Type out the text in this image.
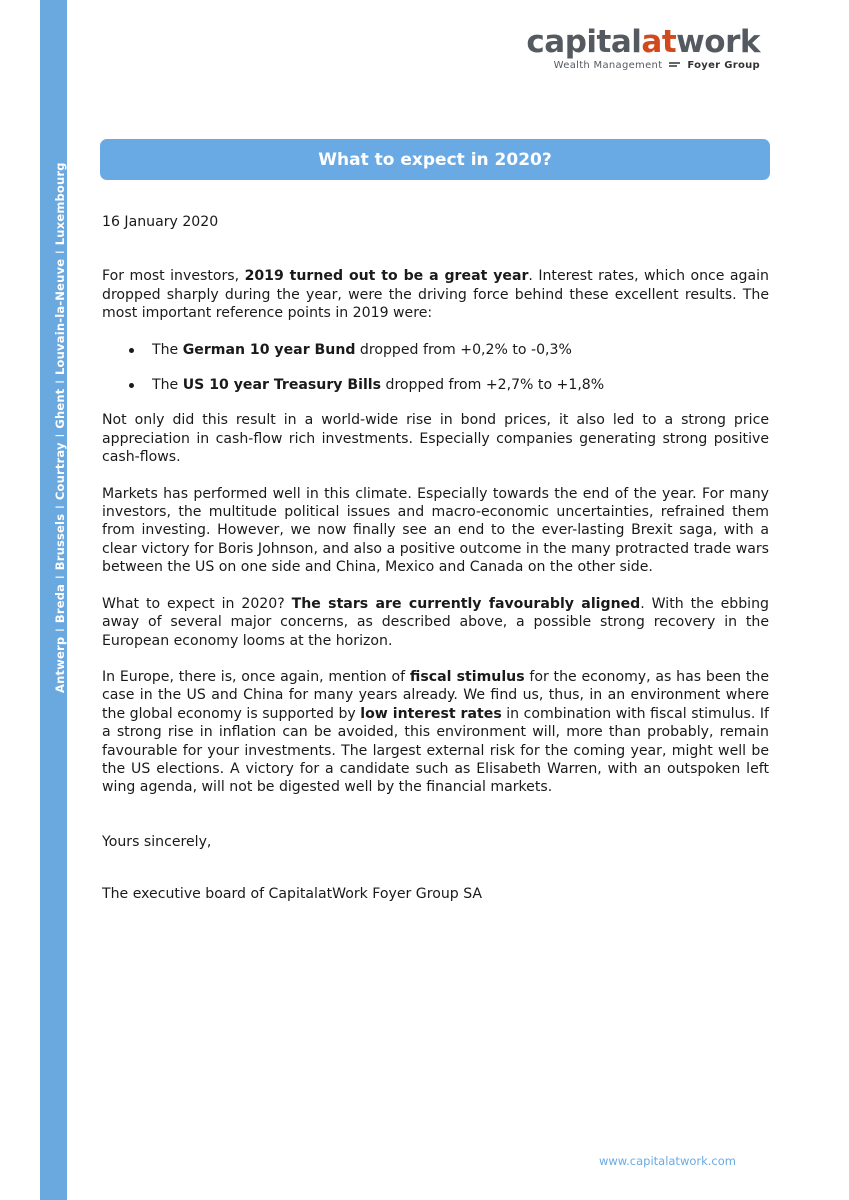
AntwerpIBredaIBrusselsICourtrayIGhentILouvain-la-NeuveILuxembourg
capitalatwork
Wealth Management Foyer Group
What to expect in 2020?

16 January 2020

For most investors, 2019 turned out to be a great year. Interest rates, which once again dropped sharply during the year, were the driving force behind these excellent results. The most important reference points in 2019 were:

The German 10 year Bund dropped from +0,2% to -0,3%
The US 10 year Treasury Bills dropped from +2,7% to +1,8%

Not only did this result in a world-wide rise in bond prices, it also led to a strong price appreciation in cash-flow rich investments. Especially companies generating strong positive cash-flows.

Markets has performed well in this climate. Especially towards the end of the year. For many investors, the multitude political issues and macro-economic uncertainties, refrained them from investing. However, we now finally see an end to the ever-lasting Brexit saga, with a clear victory for Boris Johnson, and also a positive outcome in the many protracted trade wars between the US on one side and China, Mexico and Canada on the other side.

What to expect in 2020? The stars are currently favourably aligned. With the ebbing away of several major concerns, as described above, a possible strong recovery in the European economy looms at the horizon.

In Europe, there is, once again, mention of fiscal stimulus for the economy, as has been the case in the US and China for many years already. We find us, thus, in an environment where the global economy is supported by low interest rates in combination with fiscal stimulus. If a strong rise in inflation can be avoided, this environment will, more than probably, remain favourable for your investments. The largest external risk for the coming year, might well be the US elections. A victory for a candidate such as Elisabeth Warren, with an outspoken left wing agenda, will not be digested well by the financial markets.

Yours sincerely,

The executive board of CapitalatWork Foyer Group SA

www.capitalatwork.com
